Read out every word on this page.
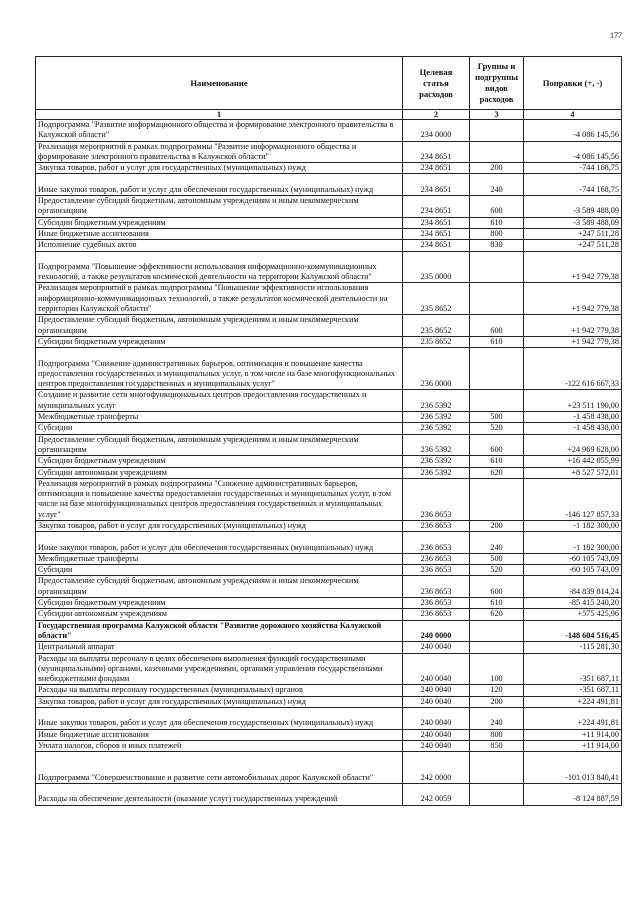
177
Наименование	Целевая статья расходов	Группы и подгруппы видов расходов	Поправки (+, -)
1	2	3	4
Подпрограмма "Развитие информационного общества и формирование электронного правительства в Калужской области"	234 0000		-4 086 145,56
Реализация мероприятий в рамках подпрограммы "Развитие информационного общества и формирование электронного правительства в Калужской области"	234 8651		-4 086 145,56
Закупка товаров, работ и услуг для государственных (муниципальных) нужд	234 8651	200	-744 168,75
Иные закупки товаров, работ и услуг для обеспечения государственных (муниципальных) нужд	234 8651	240	-744 168,75
Предоставление субсидий бюджетным, автономным учреждениям и иным некоммерческим организациям	234 8651	600	-3 589 488,09
Субсидии бюджетным учреждениям	234 8651	610	-3 589 488,09
Иные бюджетные ассигнования	234 8651	800	+247 511,28
Исполнение судебных актов	234 8651	830	+247 511,28
Подпрограмма "Повышение эффективности использования информационно-коммуникационных технологий, а также результатов космической деятельности на территории Калужской области"	235 0000		+1 942 779,38
Реализация мероприятий в рамках подпрограммы "Повышение эффективности использования информационно-коммуникационных технологий, а также результатов космической деятельности на территории Калужской области"	235 8652		+1 942 779,38
Предоставление субсидий бюджетным, автономным учреждениям и иным некоммерческим организациям	235 8652	600	+1 942 779,38
Субсидии бюджетным учреждениям	235 8652	610	+1 942 779,38
Подпрограмма "Снижение административных барьеров, оптимизация и повышение качества предоставления государственных и муниципальных услуг, в том числе на базе многофункциональных центров предоставления государственных и муниципальных услуг"	236 0000		-122 616 667,33
Создание и развитие сети многофункциональных центров предоставления государственных и муниципальных услуг	236 5392		+23 511 190,00
Межбюджетные трансферты	236 5392	500	-1 458 438,00
Субсидии	236 5392	520	-1 458 438,00
Предоставление субсидий бюджетным, автономным учреждениям и иным некоммерческим организациям	236 5392	600	+24 969 628,00
Субсидии бюджетным учреждениям	236 5392	610	+16 442 055,99
Субсидии автономным учреждениям	236 5392	620	+8 527 572,01
Реализация мероприятий в рамках подпрограммы "Снижение административных барьеров, оптимизация и повышение качества предоставления государственных и муниципальных услуг, в том числе на базе многофункциональных центров предоставления государственных и муниципальных услуг"	236 8653		-146 127 857,33
Закупка товаров, работ и услуг для государственных (муниципальных) нужд	236 8653	200	-1 182 300,00
Иные закупки товаров, работ и услуг для обеспечения государственных (муниципальных) нужд	236 8653	240	-1 182 300,00
Межбюджетные трансферты	236 8653	500	-60 105 743,09
Субсидии	236 8653	520	-60 105 743,09
Предоставление субсидий бюджетным, автономным учреждениям и иным некоммерческим организациям	236 8653	600	-84 839 814,24
Субсидии бюджетным учреждениям	236 8653	610	-85 415 240,20
Субсидии автономным учреждениям	236 8653	620	+575 425,96
Государственная программа Калужской области "Развитие дорожного хозяйства Калужской области"	240 0000		-148 604 516,45
Центральный аппарат	240 0040		-115 281,30
Расходы на выплаты персоналу в целях обеспечения выполнения функций государственными (муниципальными) органами, казенными учреждениями, органами управления государственными внебюджетными фондами	240 0040	100	-351 687,11
Расходы на выплаты персоналу государственных (муниципальных) органов	240 0040	120	-351 687,11
Закупка товаров, работ и услуг для государственных (муниципальных) нужд	240 0040	200	+224 491,81
Иные закупки товаров, работ и услуг для обеспечения государственных (муниципальных) нужд	240 0040	240	+224 491,81
Иные бюджетные ассигнования	240 0040	800	+11 914,00
Уплата налогов, сборов и иных платежей	240 0040	850	+11 914,00
Подпрограмма "Совершенствование и развитие сети автомобильных дорог Калужской области"	242 0000		-101 013 840,41
Расходы на обеспечение деятельности (оказание услуг) государственных учреждений	242 0059		-8 124 887,59
